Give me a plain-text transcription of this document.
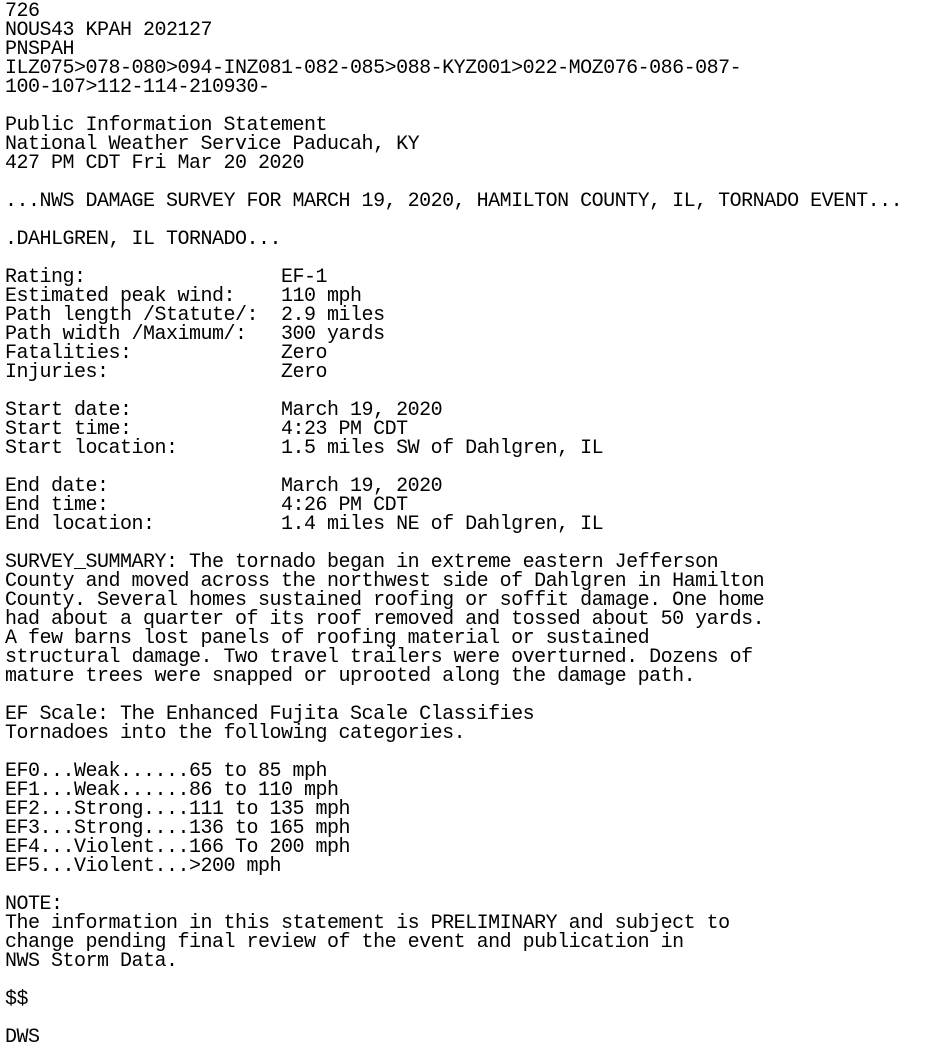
726
NOUS43 KPAH 202127
PNSPAH
ILZ075>078-080>094-INZ081-082-085>088-KYZ001>022-MOZ076-086-087-
100-107>112-114-210930-
Public Information Statement
National Weather Service Paducah, KY
427 PM CDT Fri Mar 20 2020
...NWS DAMAGE SURVEY FOR MARCH 19, 2020, HAMILTON COUNTY, IL, TORNADO EVENT...
.DAHLGREN, IL TORNADO...
Rating:                 EF-1
Estimated peak wind:    110 mph
Path length /Statute/:  2.9 miles
Path width /Maximum/:   300 yards
Fatalities:             Zero
Injuries:               Zero
Start date:             March 19, 2020
Start time:             4:23 PM CDT
Start location:         1.5 miles SW of Dahlgren, IL
End date:               March 19, 2020
End time:               4:26 PM CDT
End location:           1.4 miles NE of Dahlgren, IL
SURVEY_SUMMARY: The tornado began in extreme eastern Jefferson
County and moved across the northwest side of Dahlgren in Hamilton
County. Several homes sustained roofing or soffit damage. One home
had about a quarter of its roof removed and tossed about 50 yards.
A few barns lost panels of roofing material or sustained
structural damage. Two travel trailers were overturned. Dozens of
mature trees were snapped or uprooted along the damage path.
EF Scale: The Enhanced Fujita Scale Classifies
Tornadoes into the following categories.
EF0...Weak......65 to 85 mph
EF1...Weak......86 to 110 mph
EF2...Strong....111 to 135 mph
EF3...Strong....136 to 165 mph
EF4...Violent...166 To 200 mph
EF5...Violent...>200 mph
NOTE:
The information in this statement is PRELIMINARY and subject to
change pending final review of the event and publication in
NWS Storm Data.
$$
DWS
